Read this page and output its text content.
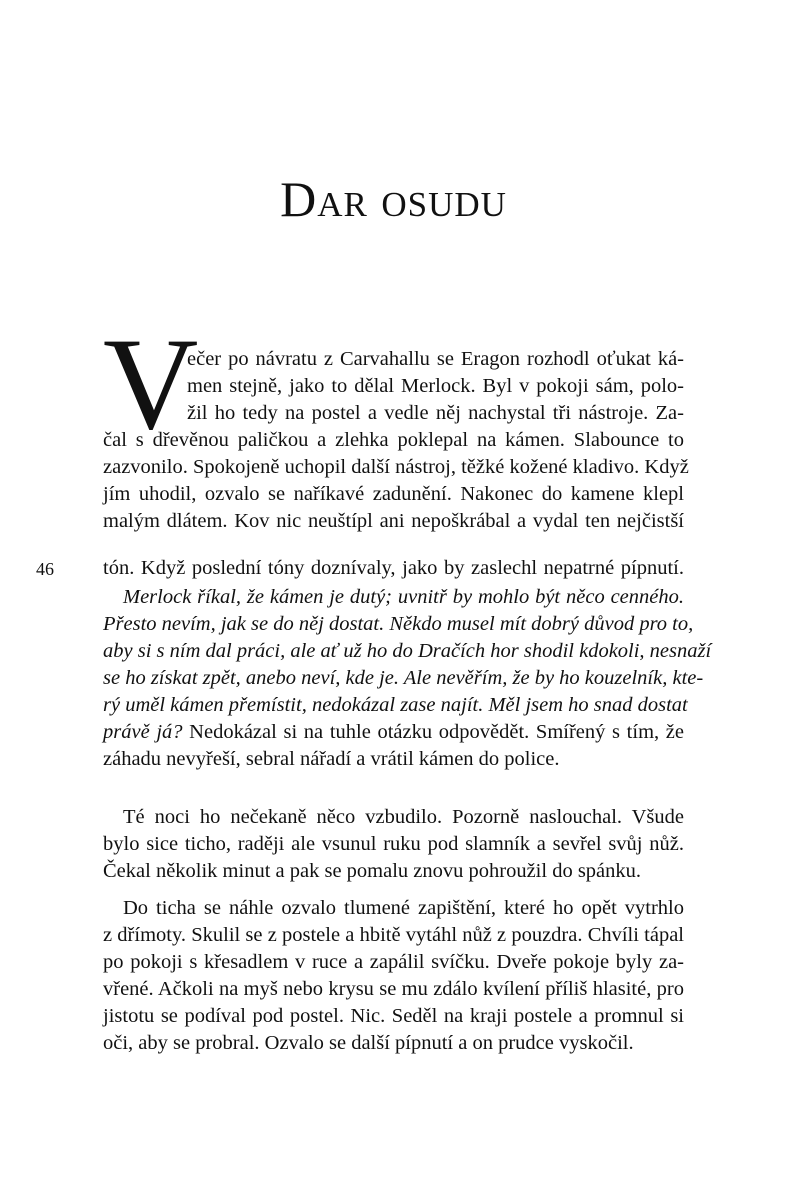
Dar osudu
V
46
ečer po návratu z Carvahallu se Eragon rozhodl oťukat ká-
men stejně, jako to dělal Merlock. Byl v pokoji sám, polo-
žil ho tedy na postel a vedle něj nachystal tři nástroje. Za-
čal s dřevěnou paličkou a zlehka poklepal na kámen. Slabounce to
zazvonilo. Spokojeně uchopil další nástroj, těžké kožené kladivo. Když
jím uhodil, ozvalo se naříkavé zadunění. Nakonec do kamene klepl
malým dlátem. Kov nic neuštípl ani nepoškrábal a vydal ten nejčistší
tón. Když poslední tóny doznívaly, jako by zaslechl nepatrné pípnutí.
Merlock říkal, že kámen je dutý; uvnitř by mohlo být něco cenného.
Přesto nevím, jak se do něj dostat. Někdo musel mít dobrý důvod pro to,
aby si s ním dal práci, ale ať už ho do Dračích hor shodil kdokoli, nesnaží
se ho získat zpět, anebo neví, kde je. Ale nevěřím, že by ho kouzelník, kte-
rý uměl kámen přemístit, nedokázal zase najít. Měl jsem ho snad dostat
právě já? Nedokázal si na tuhle otázku odpovědět. Smířený s tím, že
záhadu nevyřeší, sebral nářadí a vrátil kámen do police.
Té noci ho nečekaně něco vzbudilo. Pozorně naslouchal. Všude
bylo sice ticho, raději ale vsunul ruku pod slamník a sevřel svůj nůž.
Čekal několik minut a pak se pomalu znovu pohroužil do spánku.
Do ticha se náhle ozvalo tlumené zapištění, které ho opět vytrhlo
z dřímoty. Skulil se z postele a hbitě vytáhl nůž z pouzdra. Chvíli tápal
po pokoji s křesadlem v ruce a zapálil svíčku. Dveře pokoje byly za-
vřené. Ačkoli na myš nebo krysu se mu zdálo kvílení příliš hlasité, pro
jistotu se podíval pod postel. Nic. Seděl na kraji postele a promnul si
oči, aby se probral. Ozvalo se další pípnutí a on prudce vyskočil.
